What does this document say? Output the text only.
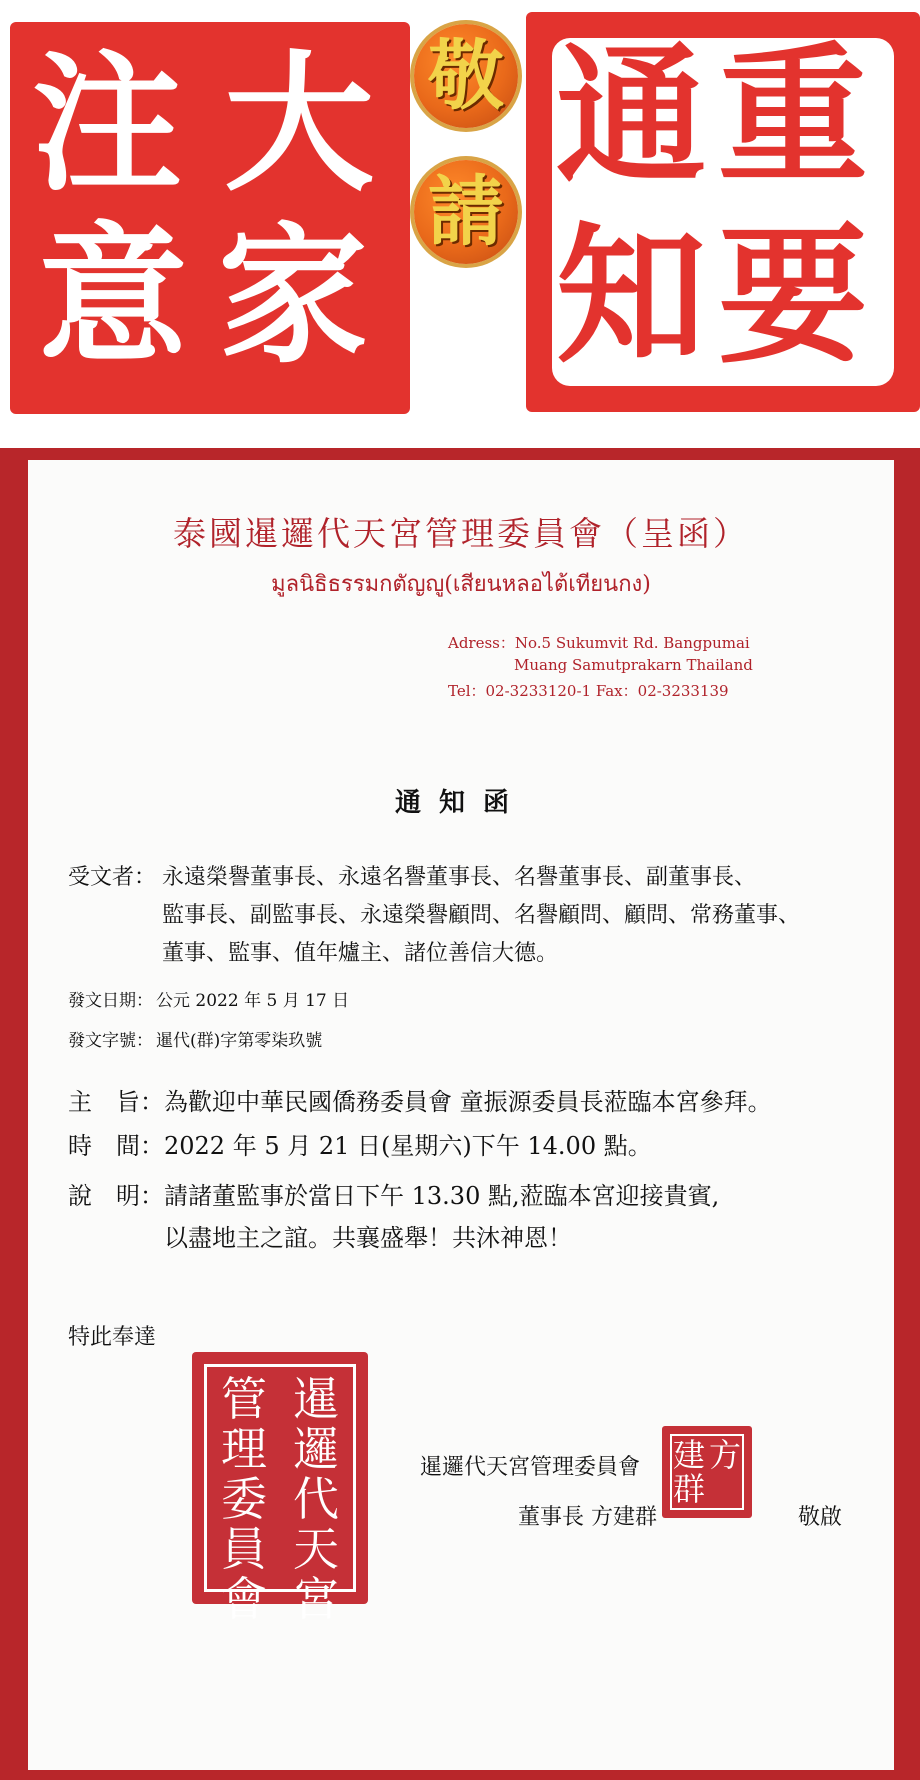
大
家
注
意
敬
請
重
要
通
知
泰國暹邏代天宮管理委員會（呈函）
มูลนิธิธรรมกตัญญู(เสียนหลอไต้เทียนกง)
Adress：No.5 Sukumvit Rd. Bangpumai
Muang Samutprakarn Thailand
Tel：02-3233120-1 Fax：02-3233139
通知函
受文者： 永遠榮譽董事長、永遠名譽董事長、名譽董事長、副董事長、
監事長、副監事長、永遠榮譽顧問、名譽顧問、顧問、常務董事、
董事、監事、值年爐主、諸位善信大德。
發文日期： 公元 2022 年 5 月 17 日
發文字號： 暹代(群)字第零柒玖號
主　旨： 為歡迎中華民國僑務委員會 童振源委員長蒞臨本宮參拜。
時　間： 2022 年 5 月 21 日(星期六)下午 14.00 點。
說　明： 請諸董監事於當日下午 13.30 點,蒞臨本宮迎接貴賓,
以盡地主之誼。共襄盛舉！共沐神恩！
特此奉達
暹邏代天宮管理委員會
董事長 方建群	敬啟
暹邏代天宮
管理委員會
方
建群
